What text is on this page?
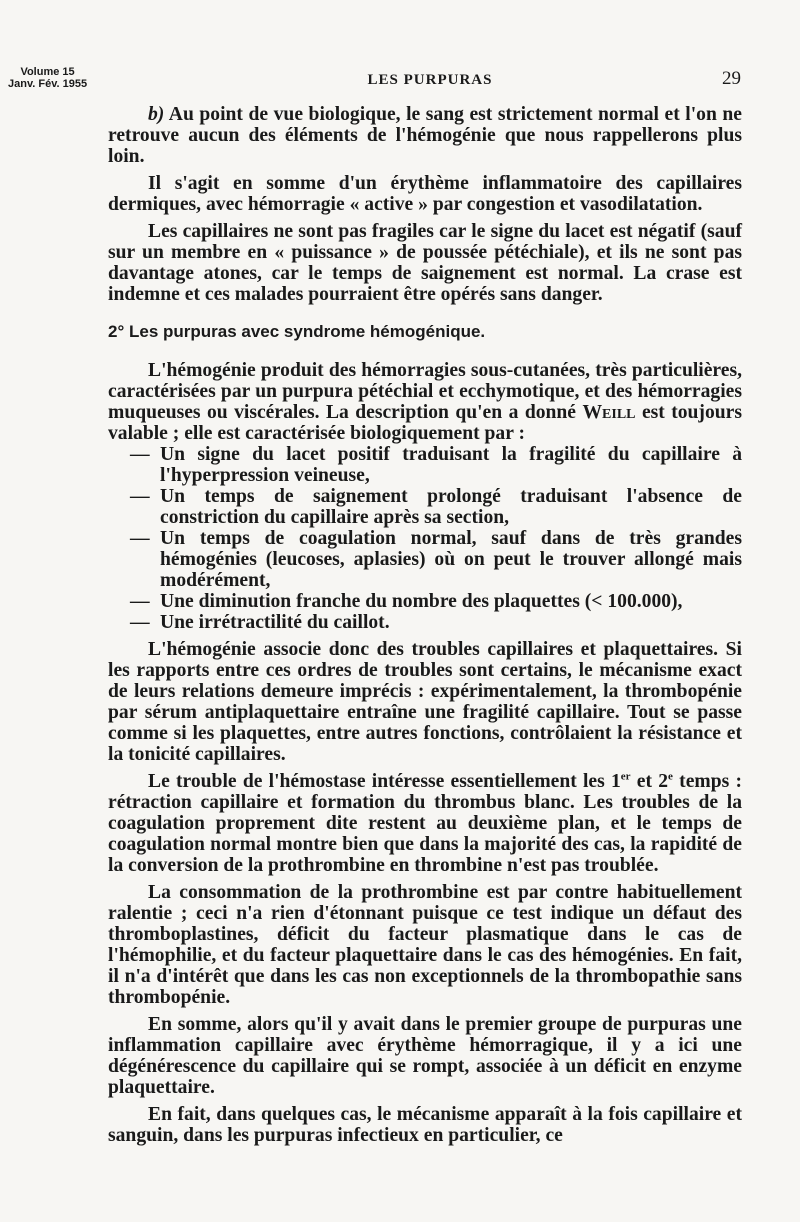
Volume 15
Janv. Fév. 1955	LES PURPURAS	29

b) Au point de vue biologique, le sang est strictement normal et l'on ne retrouve aucun des éléments de l'hémogénie que nous rappellerons plus loin.

Il s'agit en somme d'un érythème inflammatoire des capillaires dermiques, avec hémorragie « active » par congestion et vasodilatation.

Les capillaires ne sont pas fragiles car le signe du lacet est négatif (sauf sur un membre en « puissance » de poussée pétéchiale), et ils ne sont pas davantage atones, car le temps de saignement est normal. La crase est indemne et ces malades pourraient être opérés sans danger.

2° Les purpuras avec syndrome hémogénique.

L'hémogénie produit des hémorragies sous-cutanées, très particulières, caractérisées par un purpura pétéchial et ecchymotique, et des hémorragies muqueuses ou viscérales. La description qu'en a donné Weill est toujours valable ; elle est caractérisée biologiquement par :

— Un signe du lacet positif traduisant la fragilité du capillaire à l'hyperpression veineuse,
— Un temps de saignement prolongé traduisant l'absence de constriction du capillaire après sa section,
— Un temps de coagulation normal, sauf dans de très grandes hémogénies (leucoses, aplasies) où on peut le trouver allongé mais modérément,
— Une diminution franche du nombre des plaquettes (< 100.000),
— Une irrétractilité du caillot.

L'hémogénie associe donc des troubles capillaires et plaquettaires. Si les rapports entre ces ordres de troubles sont certains, le mécanisme exact de leurs relations demeure imprécis : expérimentalement, la thrombopénie par sérum antiplaquettaire entraîne une fragilité capillaire. Tout se passe comme si les plaquettes, entre autres fonctions, contrôlaient la résistance et la tonicité capillaires.

Le trouble de l'hémostase intéresse essentiellement les 1er et 2e temps : rétraction capillaire et formation du thrombus blanc. Les troubles de la coagulation proprement dite restent au deuxième plan, et le temps de coagulation normal montre bien que dans la majorité des cas, la rapidité de la conversion de la prothrombine en thrombine n'est pas troublée.

La consommation de la prothrombine est par contre habituellement ralentie ; ceci n'a rien d'étonnant puisque ce test indique un défaut des thromboplastines, déficit du facteur plasmatique dans le cas de l'hémophilie, et du facteur plaquettaire dans le cas des hémogénies. En fait, il n'a d'intérêt que dans les cas non exceptionnels de la thrombopathie sans thrombopénie.

En somme, alors qu'il y avait dans le premier groupe de purpuras une inflammation capillaire avec érythème hémorragique, il y a ici une dégénérescence du capillaire qui se rompt, associée à un déficit en enzyme plaquettaire.

En fait, dans quelques cas, le mécanisme apparaît à la fois capillaire et sanguin, dans les purpuras infectieux en particulier, ce
